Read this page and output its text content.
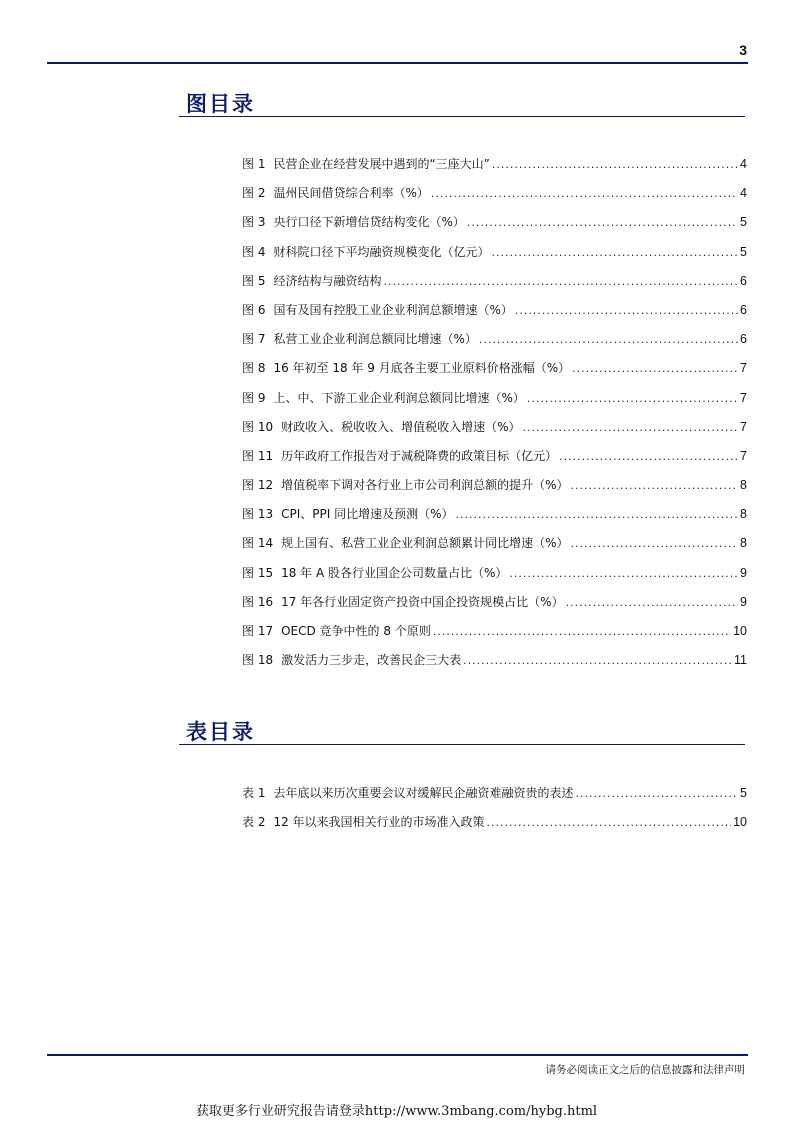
3
图目录
图 1 民营企业在经营发展中遇到的“三座大山” .....	4
图 2 温州民间借贷综合利率（%） .....	4
图 3 央行口径下新增信贷结构变化（%） .....	5
图 4 财科院口径下平均融资规模变化（亿元） .....	5
图 5 经济结构与融资结构 .....	6
图 6 国有及国有控股工业企业利润总额增速（%） .....	6
图 7 私营工业企业利润总额同比增速（%） .....	6
图 8 16 年初至 18 年 9 月底各主要工业原料价格涨幅（%） .....	7
图 9 上、中、下游工业企业利润总额同比增速（%） .....	7
图 10 财政收入、税收收入、增值税收入增速（%） .....	7
图 11 历年政府工作报告对于减税降费的政策目标（亿元） .....	7
图 12 增值税率下调对各行业上市公司利润总额的提升（%） .....	8
图 13 CPI、PPI 同比增速及预测（%） .....	8
图 14 规上国有、私营工业企业利润总额累计同比增速（%） .....	8
图 15 18 年 A 股各行业国企公司数量占比（%） .....	9
图 16 17 年各行业固定资产投资中国企投资规模占比（%） .....	9
图 17 OECD 竞争中性的 8 个原则 .....	10
图 18 激发活力三步走，改善民企三大表 .....	11
表目录
表 1 去年底以来历次重要会议对缓解民企融资难融资贵的表述 .....	5
表 2 12 年以来我国相关行业的市场准入政策 .....	10
请务必阅读正文之后的信息披露和法律声明
获取更多行业研究报告请登录http://www.3mbang.com/hybg.html
